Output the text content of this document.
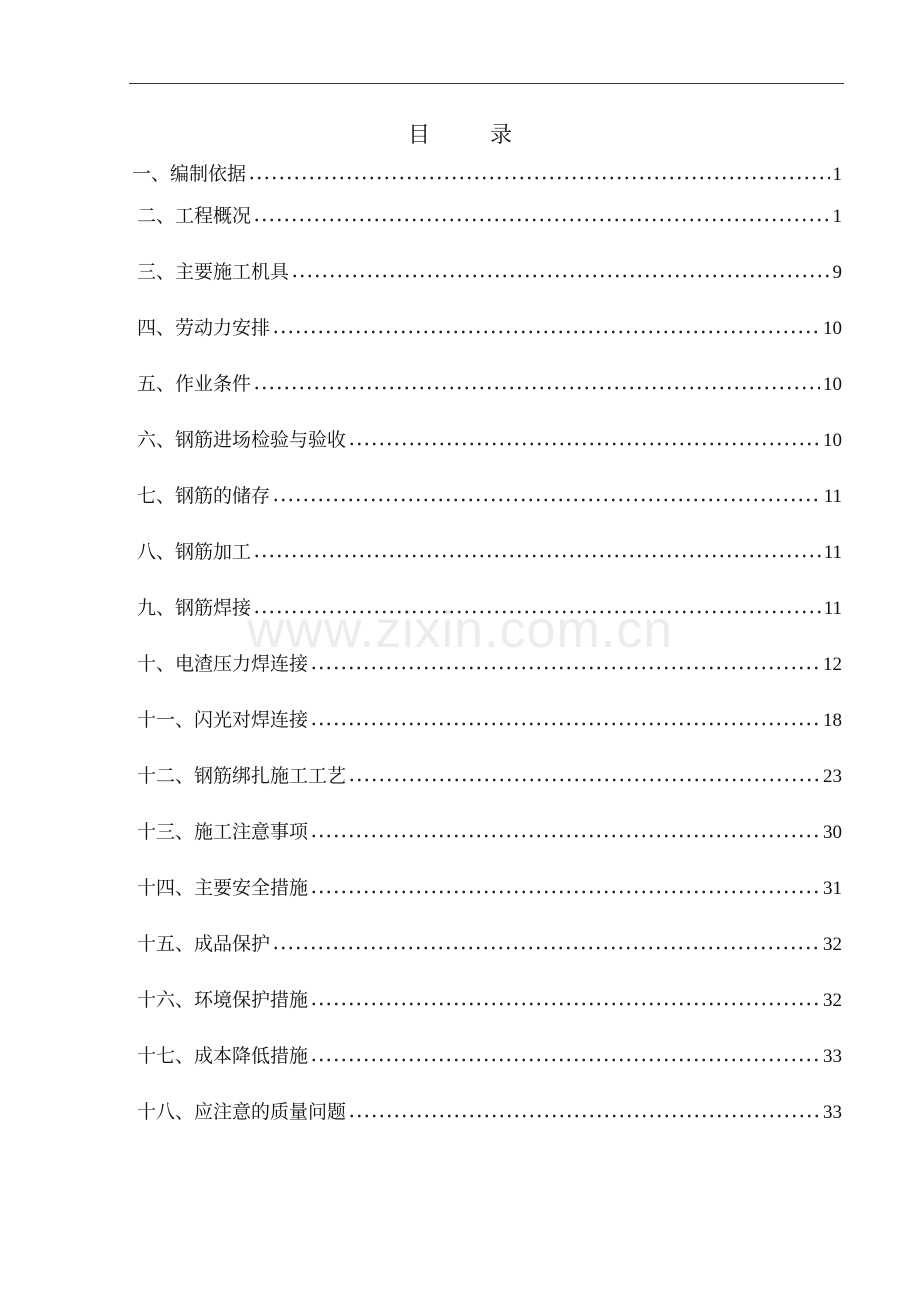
目	录
www.zixin.com.cn
一、编制依据	1
二、工程概况	1
三、主要施工机具	9
四、劳动力安排	10
五、作业条件	10
六、钢筋进场检验与验收	10
七、钢筋的储存	11
八、钢筋加工	11
九、钢筋焊接	11
十、电渣压力焊连接	12
十一、闪光对焊连接	18
十二、钢筋绑扎施工工艺	23
十三、施工注意事项	30
十四、主要安全措施	31
十五、成品保护	32
十六、环境保护措施	32
十七、成本降低措施	33
十八、应注意的质量问题	33
